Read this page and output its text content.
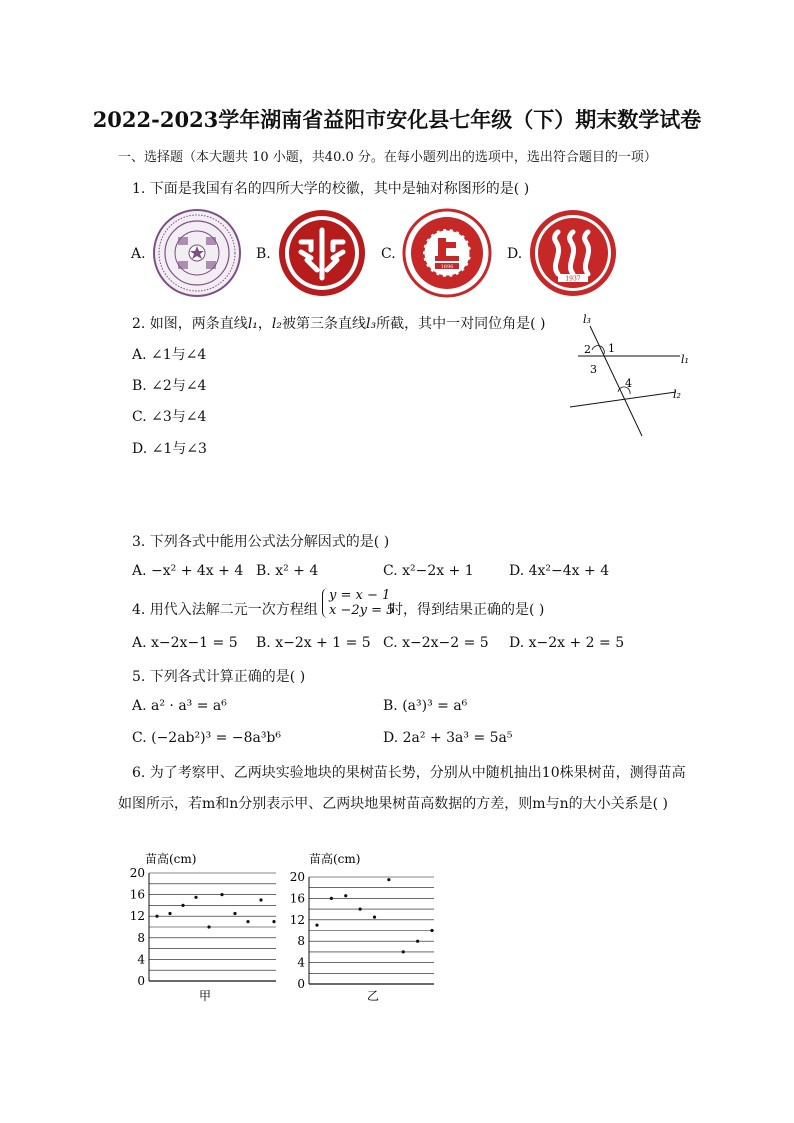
2022-2023学年湖南省益阳市安化县七年级（下）期末数学试卷
一、选择题（本大题共 10 小题，共40.0 分。在每小题列出的选项中，选出符合题目的一项）
1. 下面是我国有名的四所大学的校徽，其中是轴对称图形的是( )
A.	B.	C.	D.
1896
1937
2. 如图，两条直线l₁，l₂被第三条直线l₃所截，其中一对同位角是( )
A. ∠1与∠4
B. ∠2与∠4
C. ∠3与∠4
D. ∠1与∠3
l₃
l₁
l₂
1
2
3
4
3. 下列各式中能用公式法分解因式的是( )
A. −x² + 4x + 4 B. x² + 4	C. x²−2x + 1	D. 4x²−4x + 4
4. 用代入法解二元一次方程组
y = x − 1
x −2y = 5
时，得到结果正确的是( )
A. x−2x−1 = 5 B. x−2x + 1 = 5 C. x−2x−2 = 5 D. x−2x + 2 = 5
5. 下列各式计算正确的是( )
A. a² · a³ = a⁶	B. (a³)³ = a⁶
C. (−2ab²)³ = −8a³b⁶	D. 2a² + 3a³ = 5a⁵
6. 为了考察甲、乙两块实验地块的果树苗长势，分别从中随机抽出10株果树苗，测得苗高
如图所示，若m和n分别表示甲、乙两块地果树苗高数据的方差，则m与n的大小关系是( )
苗高(cm)
0
4
8
12
16
20
甲
苗高(cm)
0
4
8
12
16
20
乙
